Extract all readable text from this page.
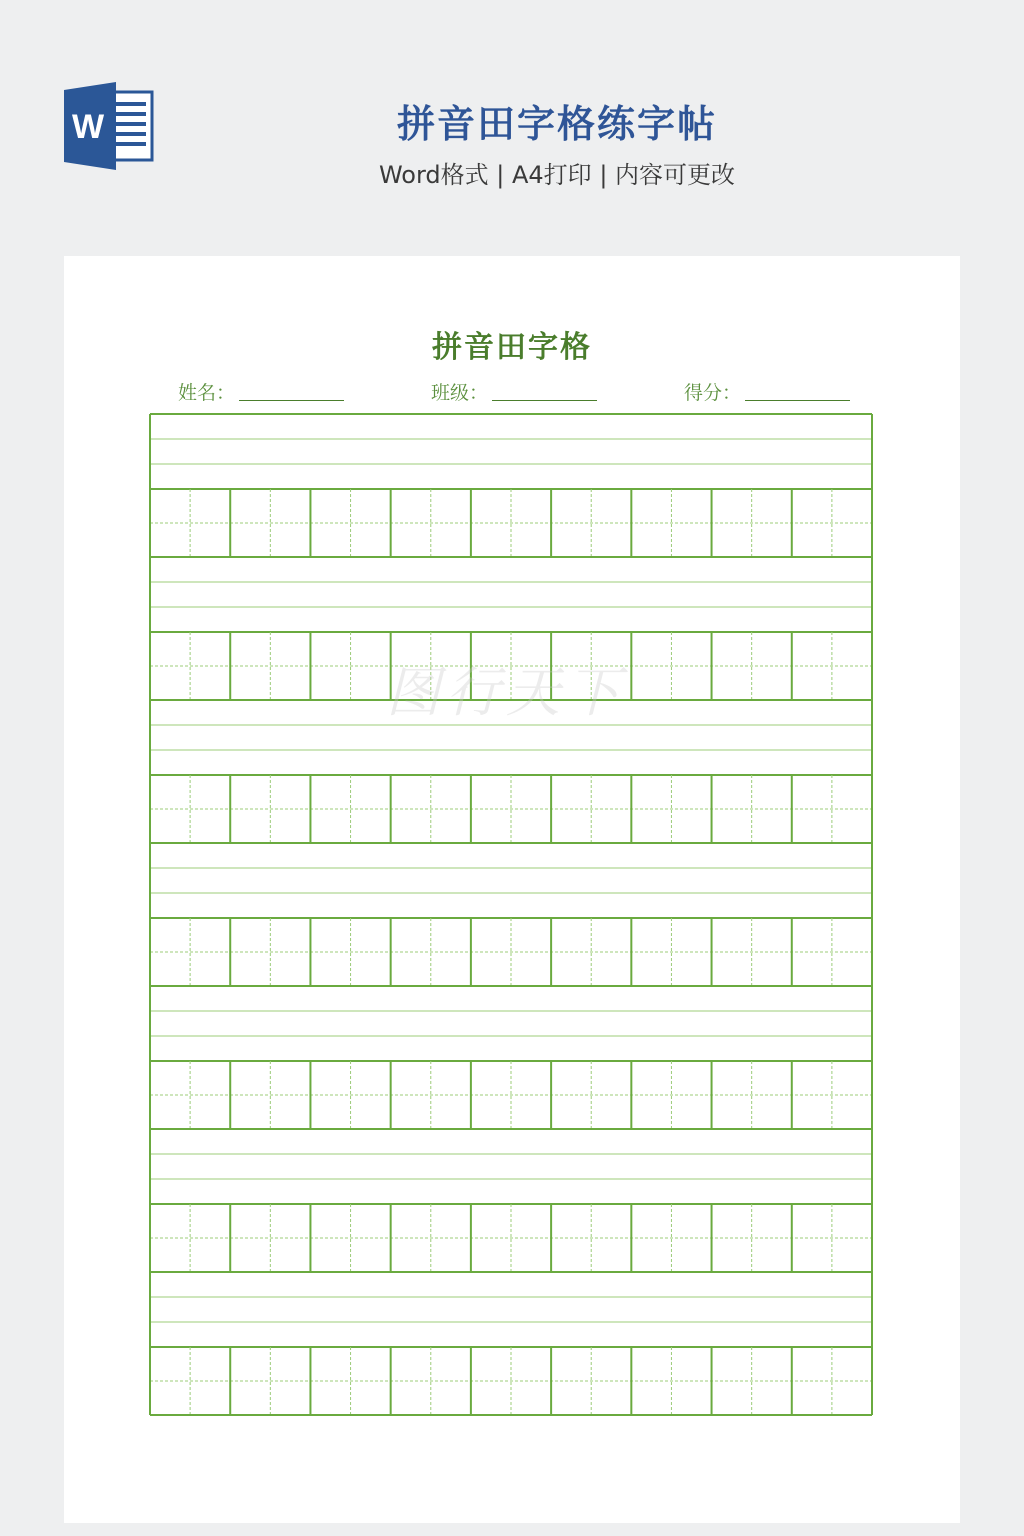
W	拼音田字格练字帖
Word格式 | A4打印 | 内容可更改
拼音田字格
姓名：	班级：	得分：
图行天下
